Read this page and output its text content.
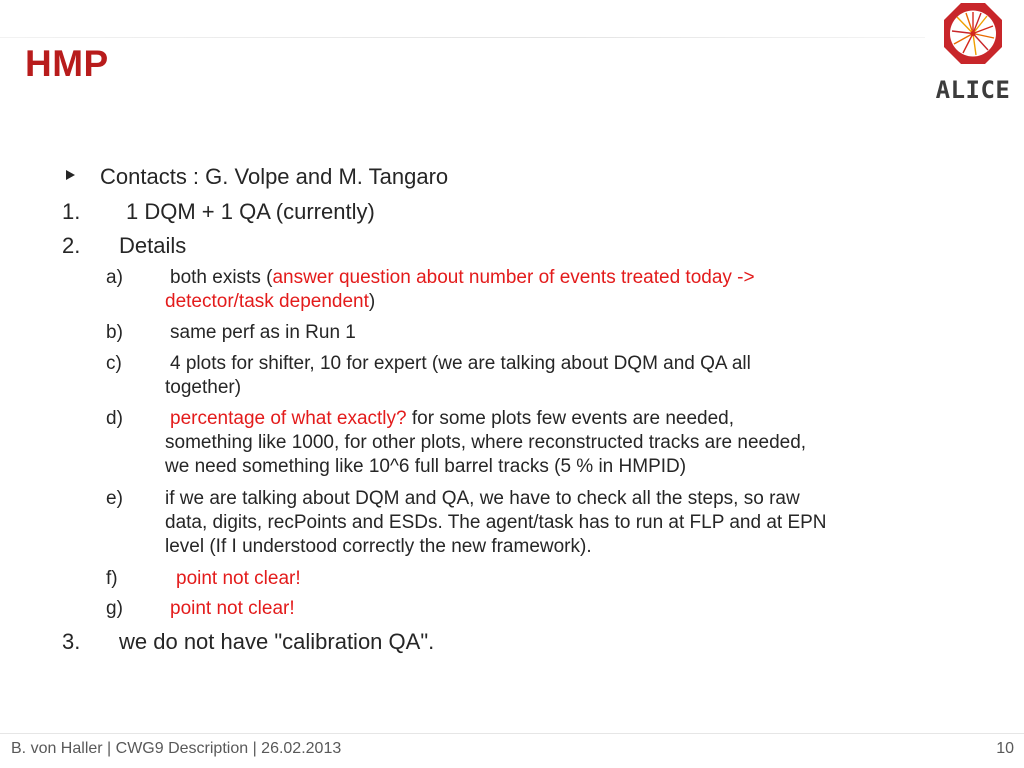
HMP
ALICE
Contacts : G. Volpe and M. Tangaro
1. 1 DQM + 1 QA (currently)
2. Details
a) both exists (answer question about number of events treated today ->
detector/task dependent)
b) same perf as in Run 1
c)	4 plots for shifter, 10 for expert (we are talking about DQM and QA all
together)
d) percentage of what exactly? for some plots few events are needed,
something like 1000, for other plots, where reconstructed tracks are needed,
we need something like 10^6 full barrel tracks (5 % in HMPID)
e) if we are talking about DQM and QA, we have to check all the steps, so raw
data, digits, recPoints and ESDs. The agent/task has to run at FLP and at EPN
level (If I understood correctly the new framework).
f)	point not clear!
g) point not clear!
3. we do not have "calibration QA".
B. von Haller | CWG9 Description | 26.02.2013	10
